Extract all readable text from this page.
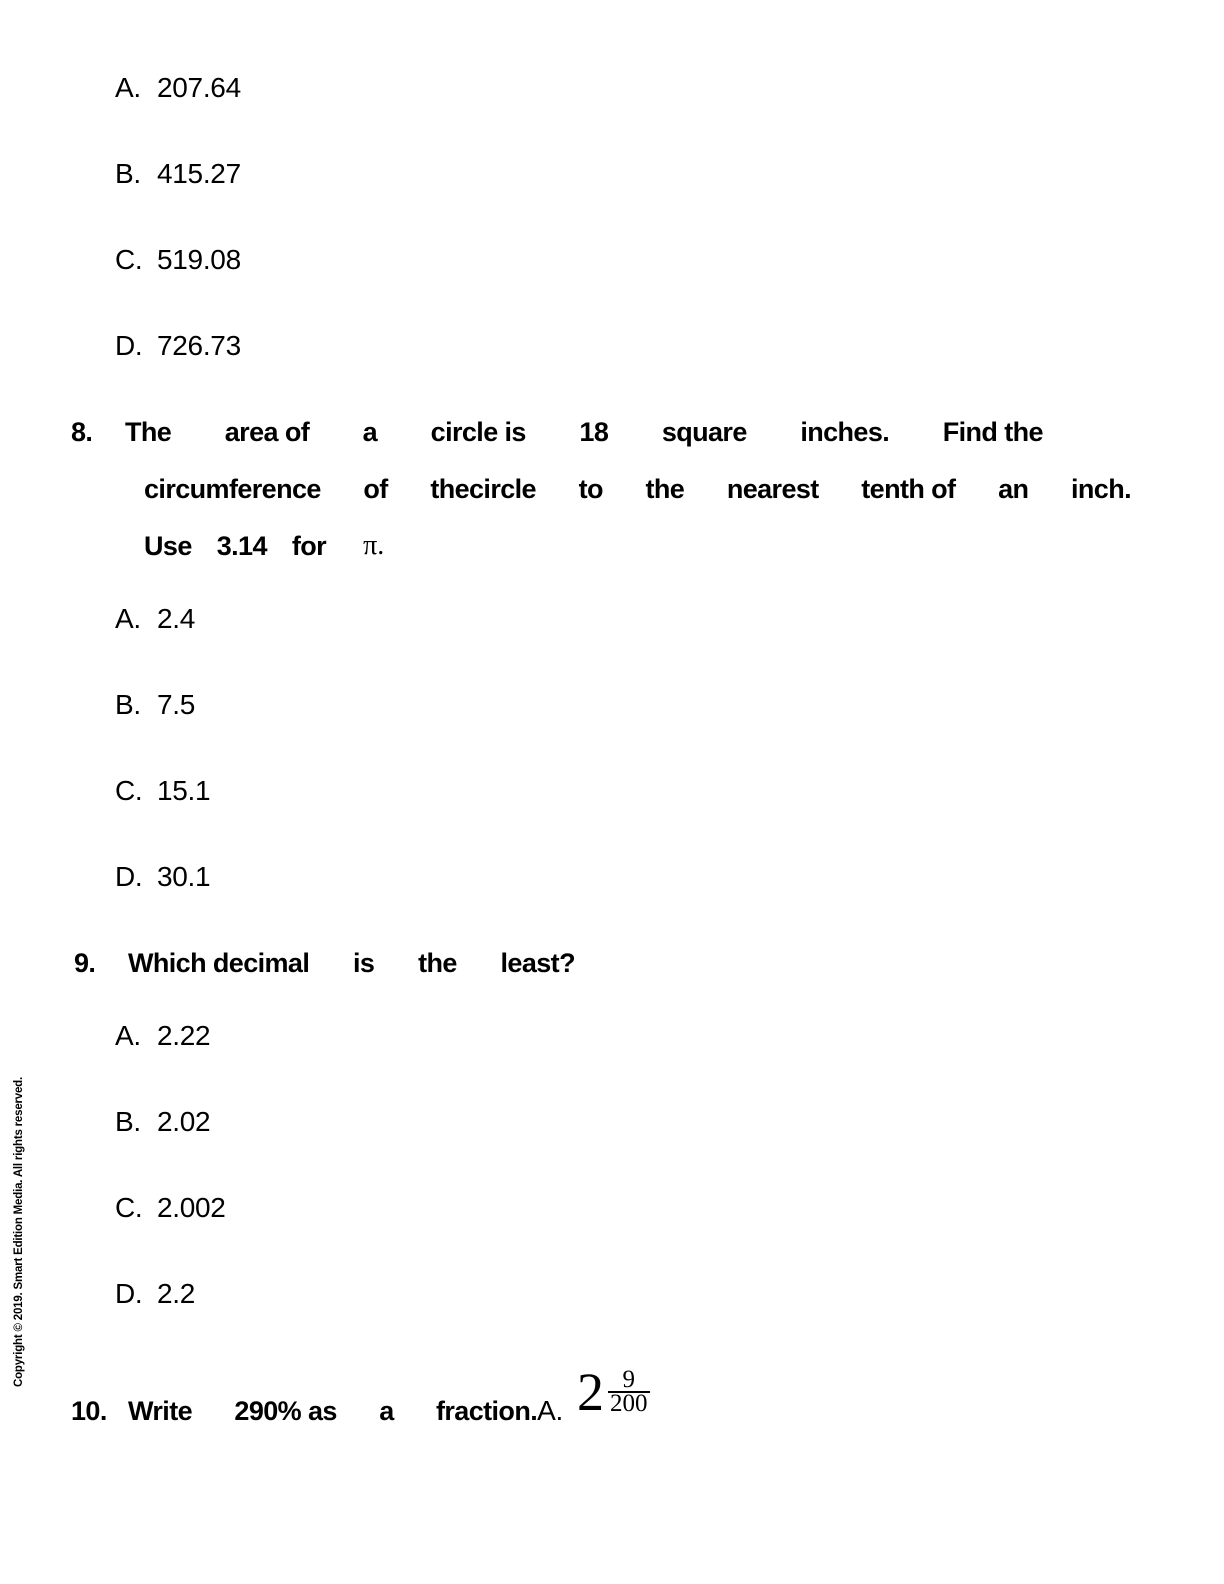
Copyright © 2019. Smart Edition Media. All rights reserved.
A. 207.64
B. 415.27
C. 519.08
D. 726.73
8.	The area of a circle is 18 square inches. Find the
circumference of thecircle to the nearest tenth of an inch.
Use 3.14 for π.
A. 2.4
B. 7.5
C. 15.1
D. 30.1
9.	Which decimal is the least?
A. 2.22
B. 2.02
C. 2.002
D. 2.2
10. Write 290% as a fraction.A. $2 \frac{9}{200}$
